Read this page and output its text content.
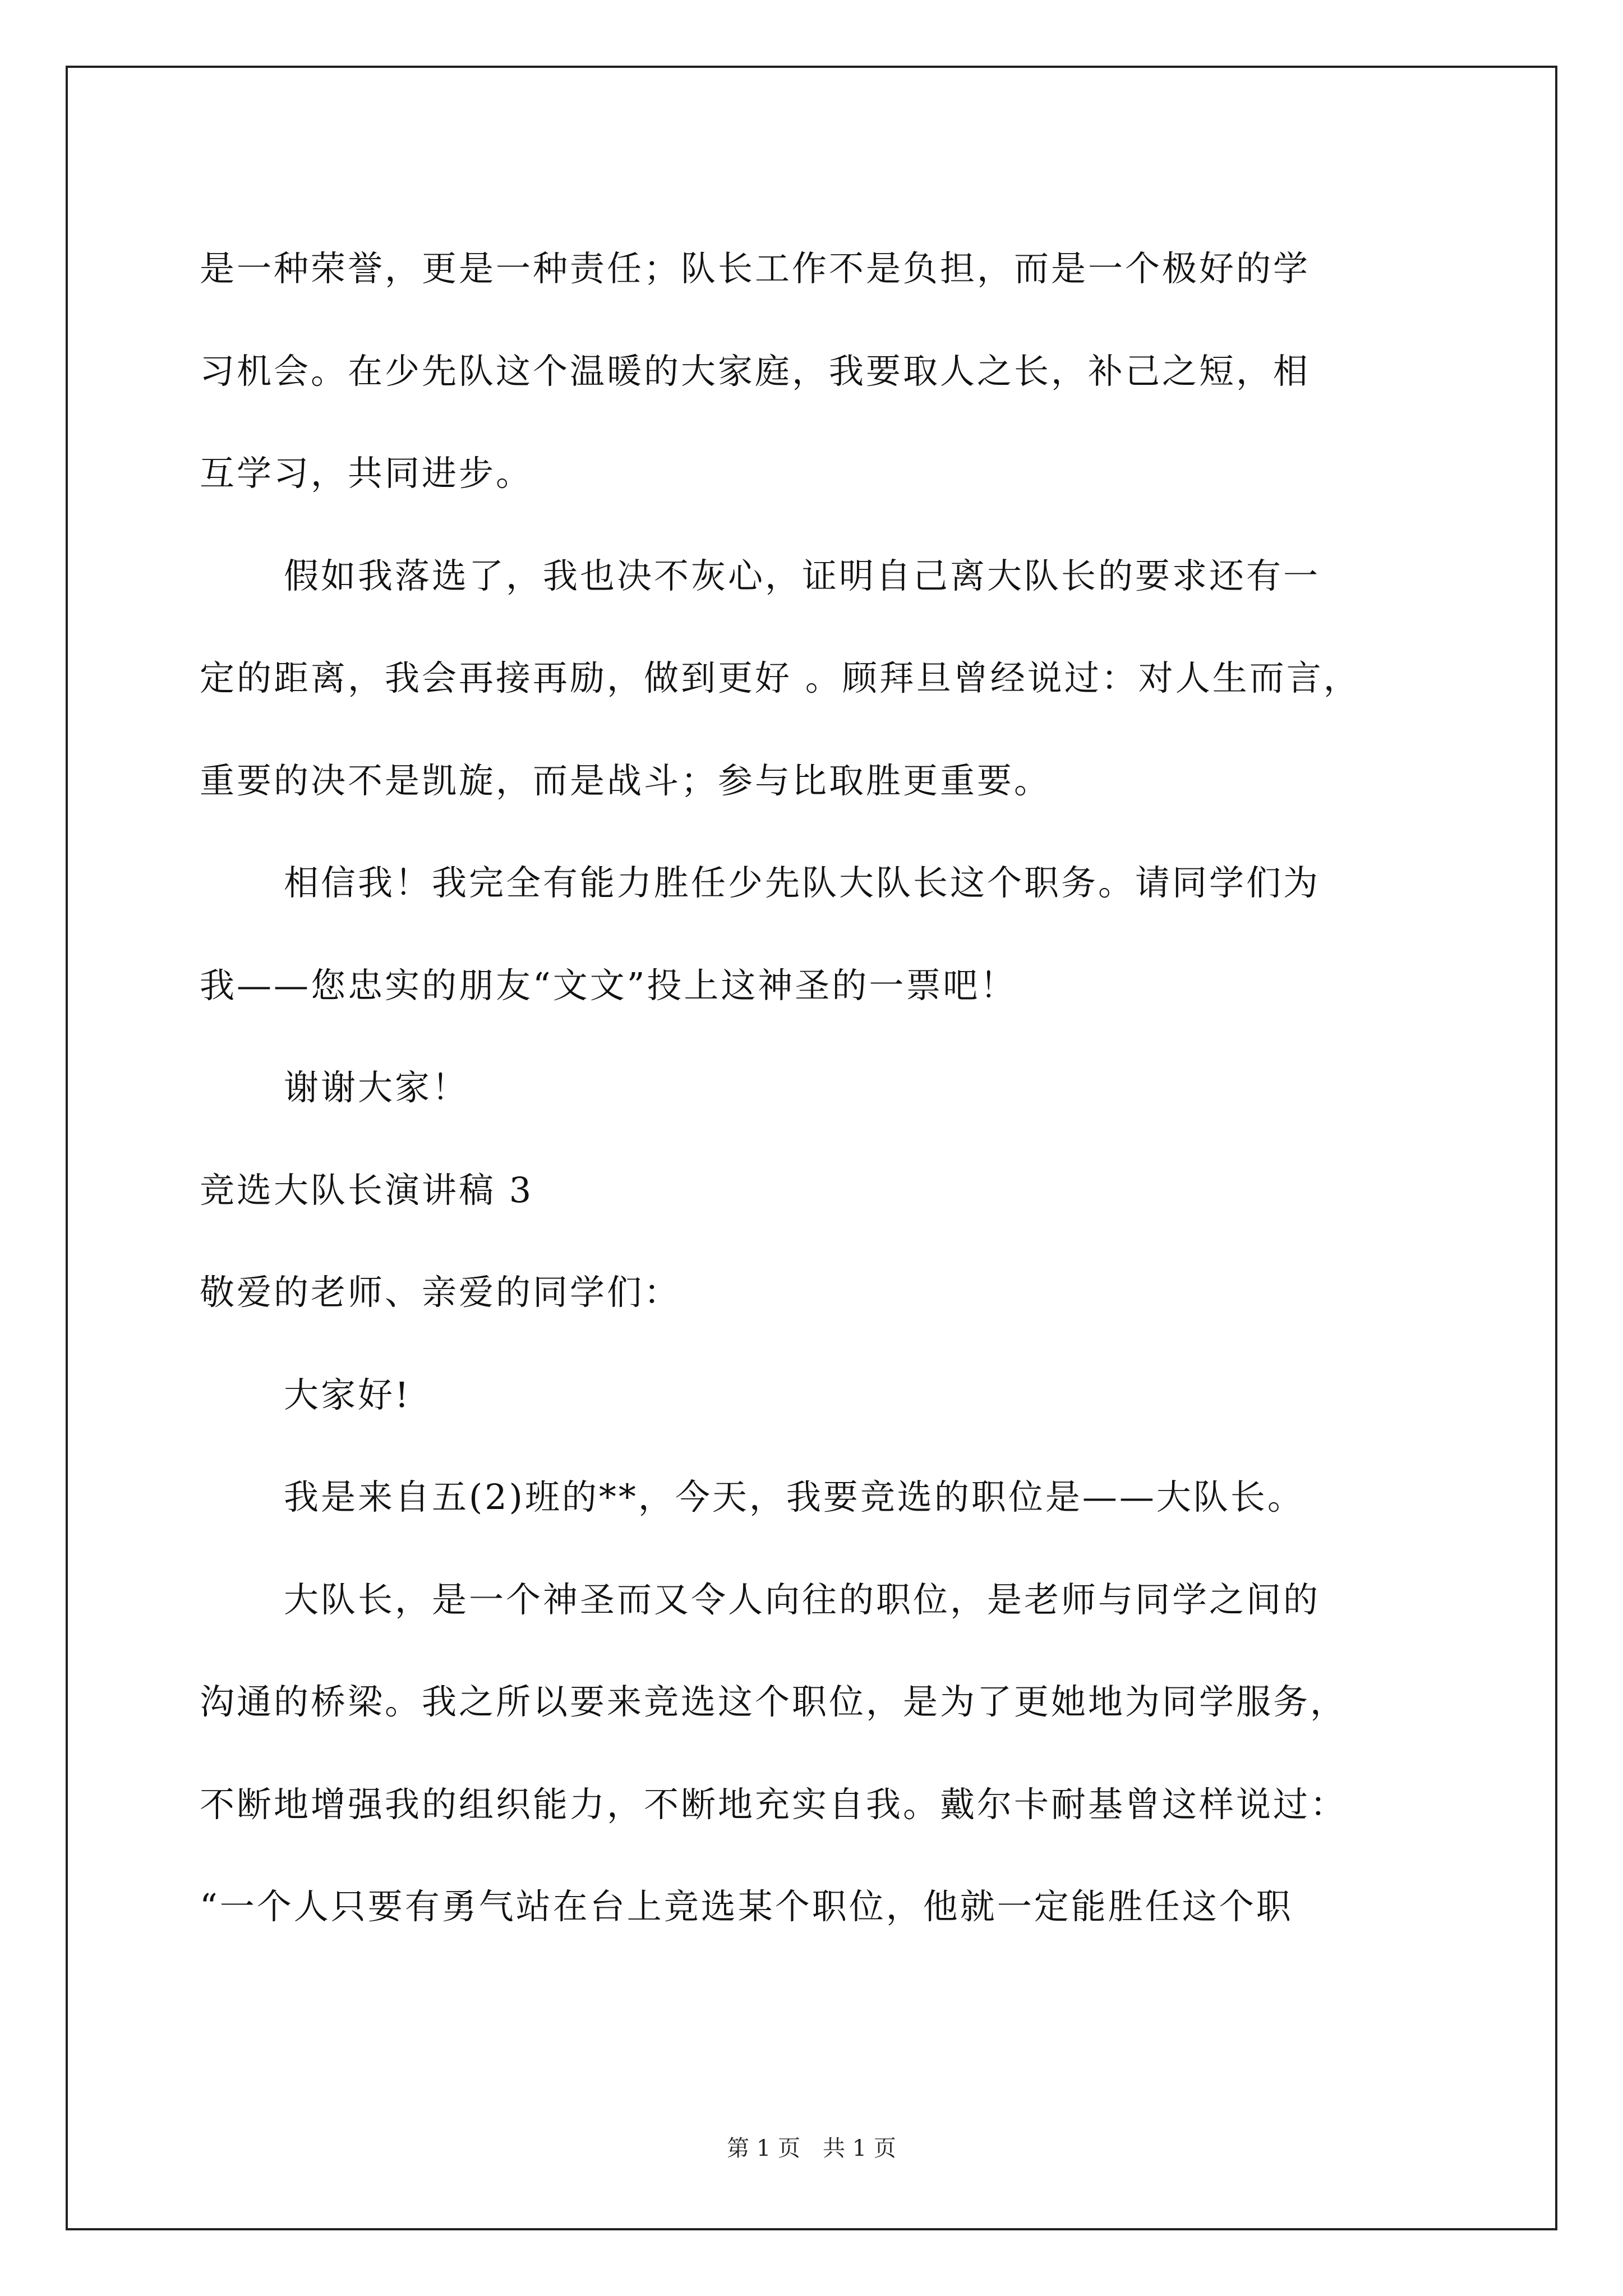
是一种荣誉，更是一种责任；队长工作不是负担，而是一个极好的学
习机会。在少先队这个温暖的大家庭，我要取人之长，补己之短，相
互学习，共同进步。
假如我落选了，我也决不灰心，证明自己离大队长的要求还有一
定的距离，我会再接再励，做到更好 。顾拜旦曾经说过：对人生而言，
重要的决不是凯旋，而是战斗；参与比取胜更重要。
相信我！我完全有能力胜任少先队大队长这个职务。请同学们为
我——您忠实的朋友“文文”投上这神圣的一票吧！
谢谢大家！
竞选大队长演讲稿 3
敬爱的老师、亲爱的同学们：
大家好!
我是来自五(2)班的**，今天，我要竞选的职位是——大队长。
大队长，是一个神圣而又令人向往的职位，是老师与同学之间的
沟通的桥梁。我之所以要来竞选这个职位，是为了更她地为同学服务，
不断地增强我的组织能力，不断地充实自我。戴尔卡耐基曾这样说过：
“一个人只要有勇气站在台上竞选某个职位，他就一定能胜任这个职
第 1 页　共 1 页
